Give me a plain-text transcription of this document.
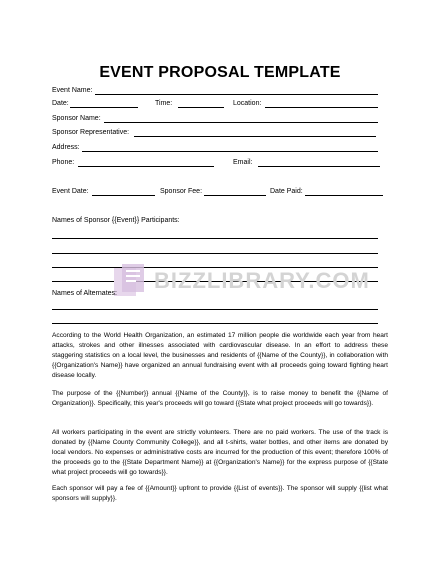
EVENT PROPOSAL TEMPLATE
Event Name:
Date:	Time:	Location:
Sponsor Name:
Sponsor Representative:
Address:
Phone:	Email:
Event Date:	Sponsor Fee:	Date Paid:
Names of Sponsor {{Event}} Participants:
BIZZLIBRARY.COM
Names of Alternates:
According to the World Health Organization, an estimated 17 million people die worldwide each year from heart attacks, strokes and other illnesses associated with cardiovascular disease. In an effort to address these staggering statistics on a local level, the businesses and residents of {{Name of the County}}, in collaboration with {{Organization's Name}} have organized an annual fundraising event with all proceeds going toward fighting heart disease locally.
The purpose of the {{Number}} annual {{Name of the County}}, is to raise money to benefit the {{Name of Organization}}. Specifically, this year's proceeds will go toward {{State what project proceeds will go towards}}.
All workers participating in the event are strictly volunteers. There are no paid workers. The use of the track is donated by {{Name County Community College}}, and all t-shirts, water bottles, and other items are donated by local vendors. No expenses or administrative costs are incurred for the production of this event; therefore 100% of the proceeds go to the {{State Department Name}} at {{Organization's Name}} for the express purpose of {{State what project proceeds will go towards}}.
Each sponsor will pay a fee of {{Amount}} upfront to provide {{List of events}}. The sponsor will supply {{list what sponsors will supply}}.
